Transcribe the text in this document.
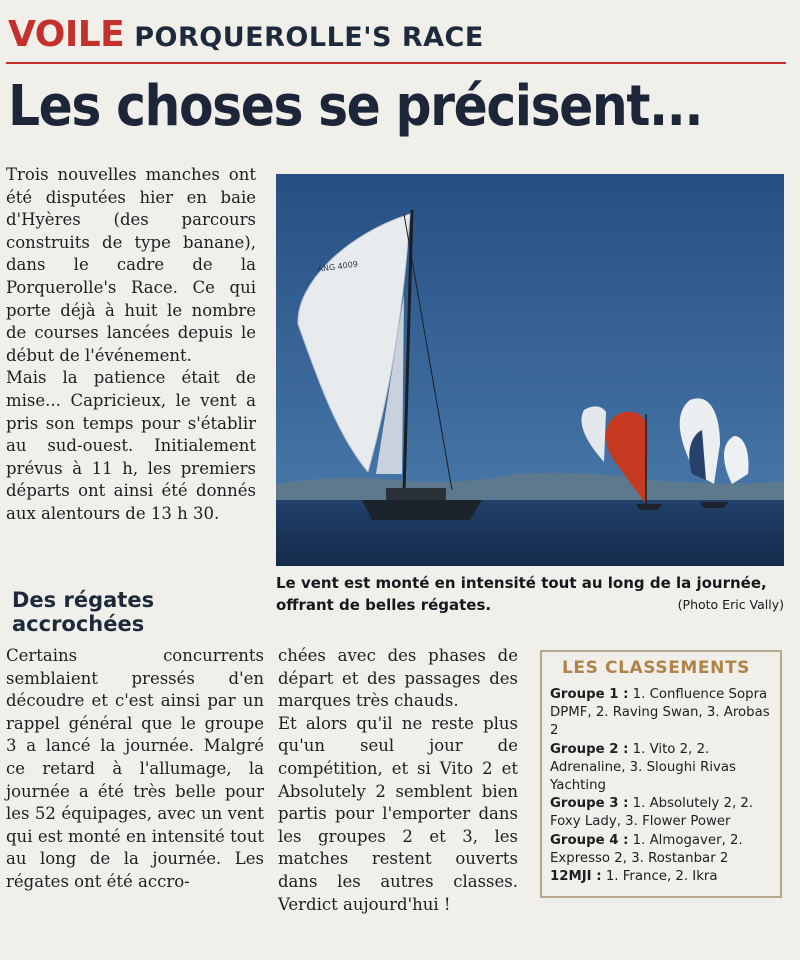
VOILE PORQUEROLLE'S RACE
Les choses se précisent...

Trois nouvelles manches ont été disputées hier en baie d'Hyères (des parcours construits de type banane), dans le cadre de la Porquerolle's Race. Ce qui porte déjà à huit le nombre de courses lancées depuis le début de l'événement.

Mais la patience était de mise... Capricieux, le vent a pris son temps pour s'établir au sud-ouest. Initialement prévus à 11 h, les premiers départs ont ainsi été donnés aux alentours de 13 h 30.

ANG 4009
Le vent est monté en intensité tout au long de la journée, offrant de belles régates.	(Photo Eric Vally)
Des régates accrochées

Certains concurrents semblaient pressés d'en découdre et c'est ainsi par un rappel général que le groupe 3 a lancé la journée. Malgré ce retard à l'allumage, la journée a été très belle pour les 52 équipages, avec un vent qui est monté en intensité tout au long de la journée. Les régates ont été accro-

chées avec des phases de départ et des passages des marques très chauds.

Et alors qu'il ne reste plus qu'un seul jour de compétition, et si Vito 2 et Absolutely 2 semblent bien partis pour l'emporter dans les groupes 2 et 3, les matches restent ouverts dans les autres classes. Verdict aujourd'hui !

LES CLASSEMENTS
Groupe 1 : 1. Confluence Sopra DPMF, 2. Raving Swan, 3. Arobas 2
Groupe 2 : 1. Vito 2, 2. Adrenaline, 3. Sloughi Rivas Yachting
Groupe 3 : 1. Absolutely 2, 2. Foxy Lady, 3. Flower Power
Groupe 4 : 1. Almogaver, 2. Expresso 2, 3. Rostanbar 2
12MJI : 1. France, 2. Ikra
